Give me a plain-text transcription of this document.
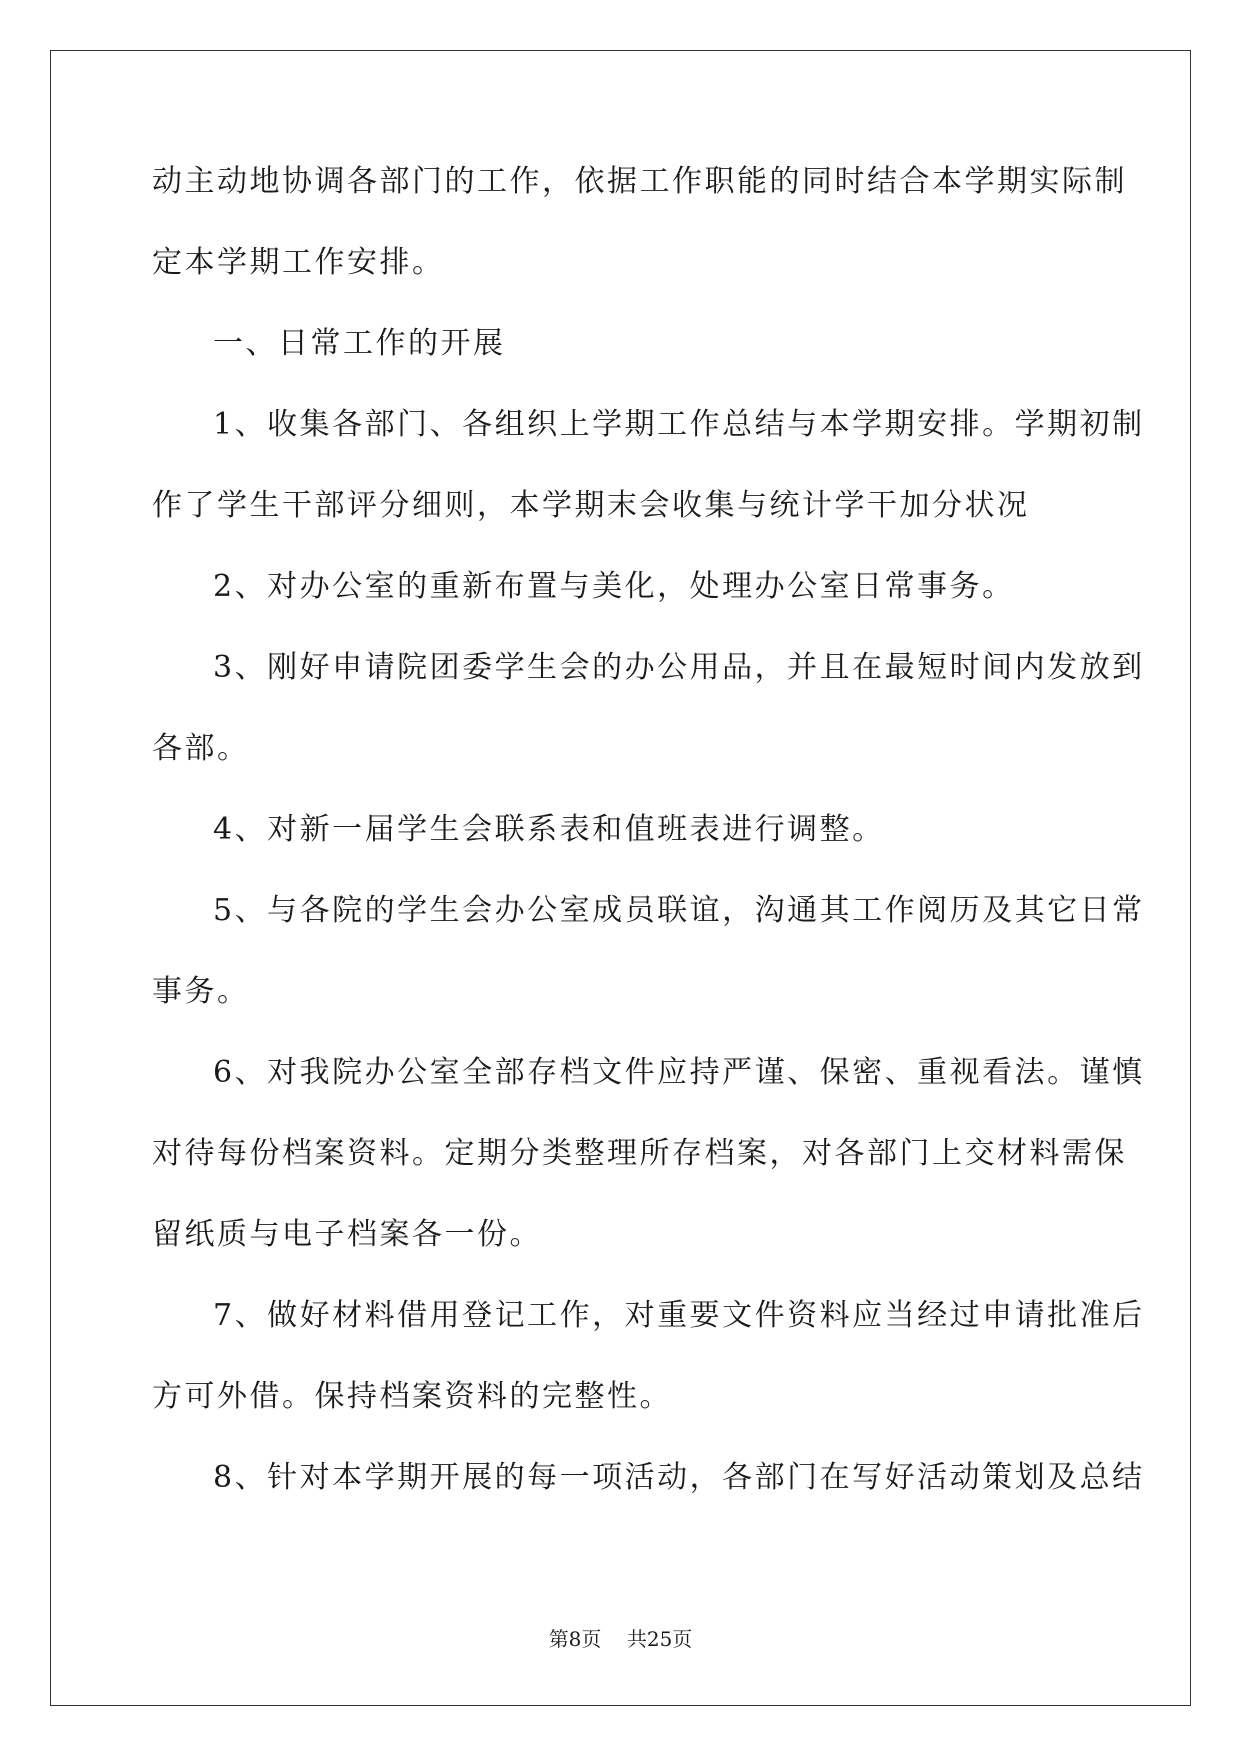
动主动地协调各部门的工作，依据工作职能的同时结合本学期实际制
定本学期工作安排。
一、日常工作的开展
1、收集各部门、各组织上学期工作总结与本学期安排。学期初制
作了学生干部评分细则，本学期末会收集与统计学干加分状况
2、对办公室的重新布置与美化，处理办公室日常事务。
3、刚好申请院团委学生会的办公用品，并且在最短时间内发放到
各部。
4、对新一届学生会联系表和值班表进行调整。
5、与各院的学生会办公室成员联谊，沟通其工作阅历及其它日常
事务。
6、对我院办公室全部存档文件应持严谨、保密、重视看法。谨慎
对待每份档案资料。定期分类整理所存档案，对各部门上交材料需保
留纸质与电子档案各一份。
7、做好材料借用登记工作，对重要文件资料应当经过申请批准后
方可外借。保持档案资料的完整性。
8、针对本学期开展的每一项活动，各部门在写好活动策划及总结
第8页 共25页
